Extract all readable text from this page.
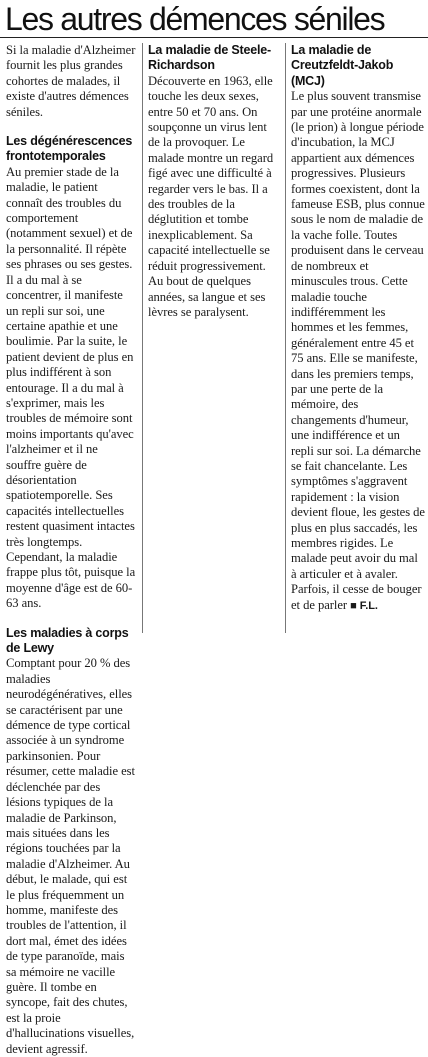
Les autres démences séniles

Si la maladie d'Alzheimer fournit les plus grandes cohortes de malades, il existe d'autres démences séniles.

Les dégénérescences frontotemporales

Au premier stade de la maladie, le patient connaît des troubles du comportement (notamment sexuel) et de la personnalité. Il répète ses phrases ou ses gestes. Il a du mal à se concentrer, il manifeste un repli sur soi, une certaine apathie et une boulimie. Par la suite, le patient devient de plus en plus indifférent à son entourage. Il a du mal à s'exprimer, mais les troubles de mémoire sont moins importants qu'avec l'alzheimer et il ne souffre guère de désorientation spatiotemporelle. Ses capacités intellectuelles restent quasiment intactes très longtemps. Cependant, la maladie frappe plus tôt, puisque la moyenne d'âge est de 60-63 ans.

Les maladies à corps de Lewy

Comptant pour 20 % des maladies neurodégénératives, elles se caractérisent par une démence de type cortical associée à un syndrome parkinsonien. Pour résumer, cette maladie est déclenchée par des lésions typiques de la maladie de Parkinson, mais situées dans les régions touchées par la maladie d'Alzheimer. Au début, le malade, qui est le plus fréquemment un homme, manifeste des troubles de l'attention, il dort mal, émet des idées de type paranoïde, mais sa mémoire ne vacille guère. Il tombe en syncope, fait des chutes, est la proie d'hallucinations visuelles, devient agressif.

La maladie de Steele-Richardson

Découverte en 1963, elle touche les deux sexes, entre 50 et 70 ans. On soupçonne un virus lent de la provoquer. Le malade montre un regard figé avec une difficulté à regarder vers le bas. Il a des troubles de la déglutition et tombe inexplicablement. Sa capacité intellectuelle se réduit progressivement. Au bout de quelques années, sa langue et ses lèvres se paralysent.

La maladie de Creutzfeldt-Jakob (MCJ)

Le plus souvent transmise par une protéine anormale (le prion) à longue période d'incubation, la MCJ appartient aux démences progressives. Plusieurs formes coexistent, dont la fameuse ESB, plus connue sous le nom de maladie de la vache folle. Toutes produisent dans le cerveau de nombreux et minuscules trous. Cette maladie touche indifféremment les hommes et les femmes, généralement entre 45 et 75 ans. Elle se manifeste, dans les premiers temps, par une perte de la mémoire, des changements d'humeur, une indifférence et un repli sur soi. La démarche se fait chancelante. Les symptômes s'aggravent rapidement : la vision devient floue, les gestes de plus en plus saccadés, les membres rigides. Le malade peut avoir du mal à articuler et à avaler. Parfois, il cesse de bouger et de parler ■ F.L.
